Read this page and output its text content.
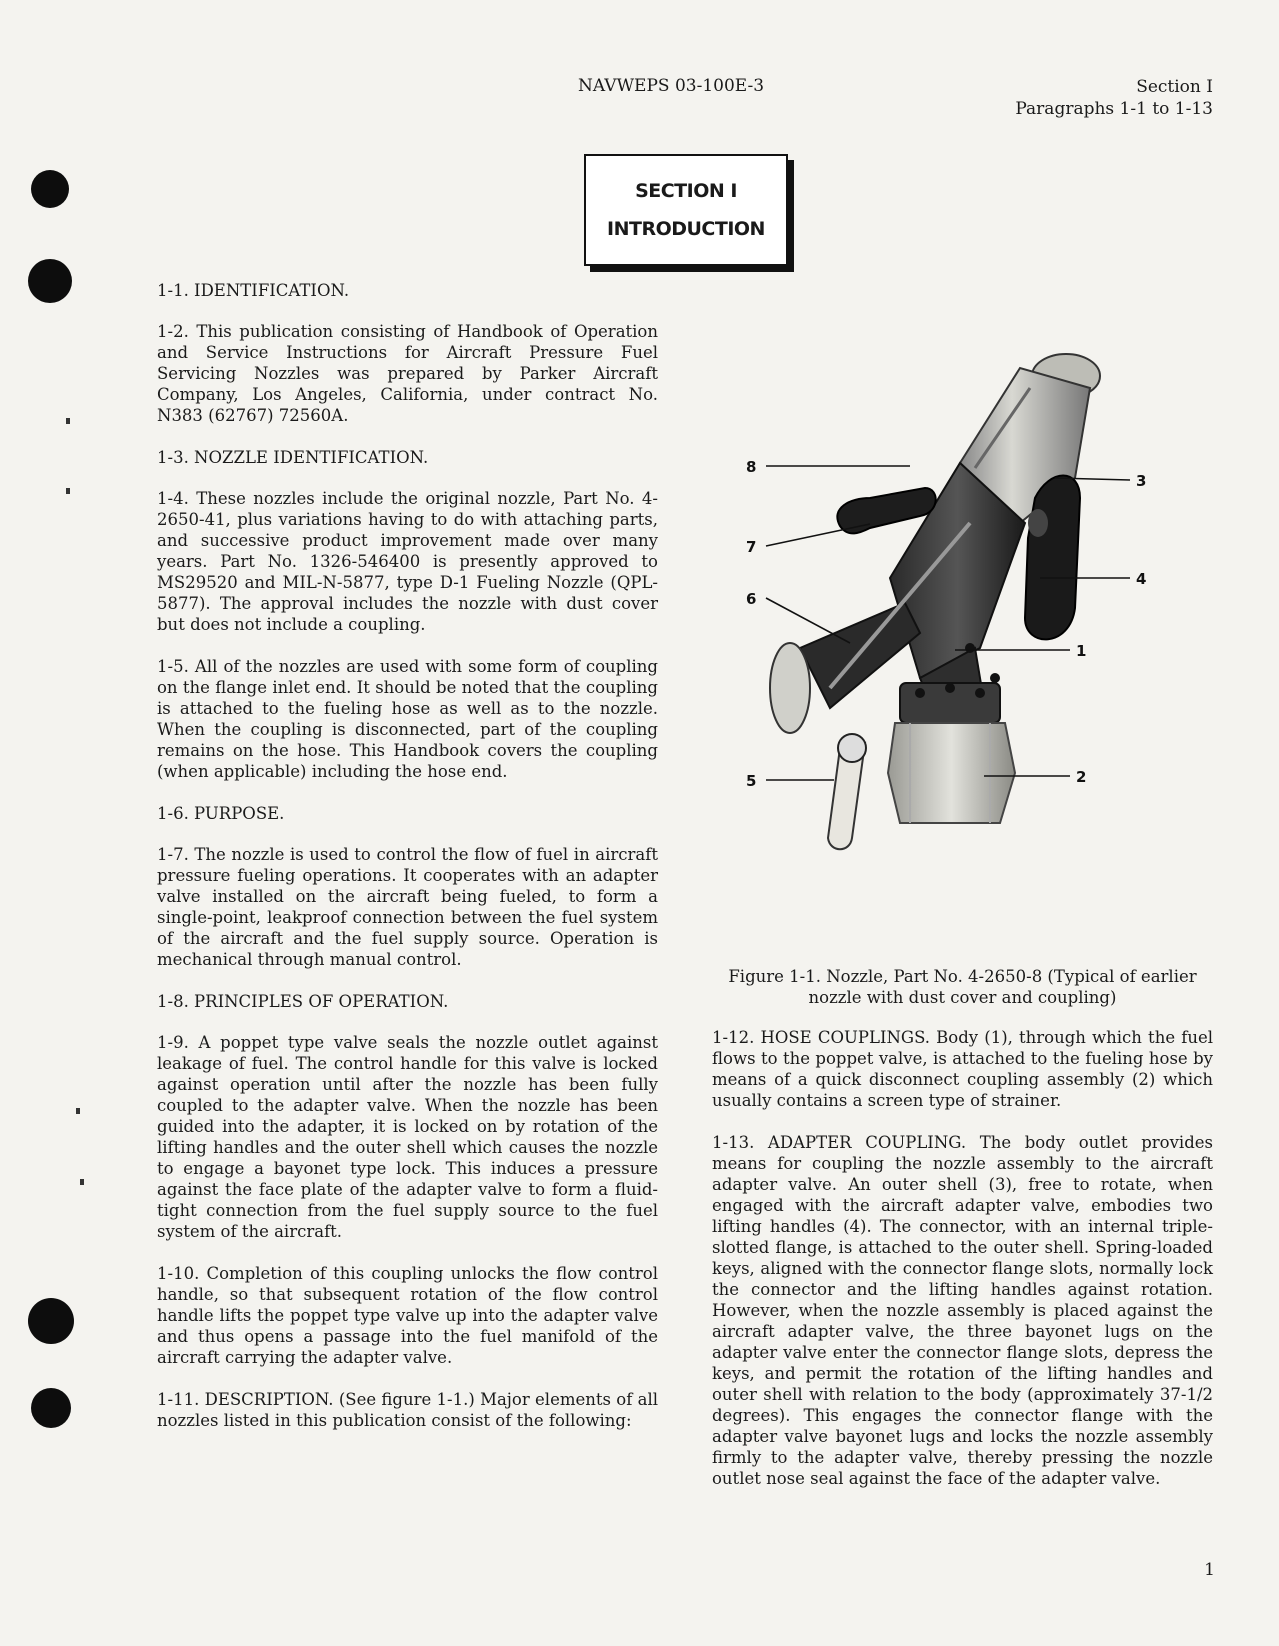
NAVWEPS 03-100E-3	Section I
Paragraphs 1-1 to 1-13
SECTION I
INTRODUCTION

1-1. IDENTIFICATION.

1-2. This publication consisting of Handbook of Operation and Service Instructions for Aircraft Pressure Fuel Servicing Nozzles was prepared by Parker Aircraft Company, Los Angeles, California, under contract No. N383 (62767) 72560A.

1-3. NOZZLE IDENTIFICATION.

1-4. These nozzles include the original nozzle, Part No. 4-2650-41, plus variations having to do with attaching parts, and successive product improvement made over many years. Part No. 1326-546400 is presently approved to MS29520 and MIL-N-5877, type D-1 Fueling Nozzle (QPL-5877). The approval includes the nozzle with dust cover but does not include a coupling.

1-5. All of the nozzles are used with some form of coupling on the flange inlet end. It should be noted that the coupling is attached to the fueling hose as well as to the nozzle. When the coupling is disconnected, part of the coupling remains on the hose. This Handbook covers the coupling (when applicable) including the hose end.

1-6. PURPOSE.

1-7. The nozzle is used to control the flow of fuel in aircraft pressure fueling operations. It cooperates with an adapter valve installed on the aircraft being fueled, to form a single-point, leakproof connection between the fuel system of the aircraft and the fuel supply source. Operation is mechanical through manual control.

1-8. PRINCIPLES OF OPERATION.

1-9. A poppet type valve seals the nozzle outlet against leakage of fuel. The control handle for this valve is locked against operation until after the nozzle has been fully coupled to the adapter valve. When the nozzle has been guided into the adapter, it is locked on by rotation of the lifting handles and the outer shell which causes the nozzle to engage a bayonet type lock. This induces a pressure against the face plate of the adapter valve to form a fluid-tight connection from the fuel supply source to the fuel system of the aircraft.

1-10. Completion of this coupling unlocks the flow control handle, so that subsequent rotation of the flow control handle lifts the poppet type valve up into the adapter valve and thus opens a passage into the fuel manifold of the aircraft carrying the adapter valve.

1-11. DESCRIPTION. (See figure 1-1.) Major elements of all nozzles listed in this publication consist of the following:

8
7
6
1
2
5
3
4
Figure 1-1. Nozzle, Part No. 4-2650-8 (Typical of earlier nozzle with dust cover and coupling)

1-12. HOSE COUPLINGS. Body (1), through which the fuel flows to the poppet valve, is attached to the fueling hose by means of a quick disconnect coupling assembly (2) which usually contains a screen type of strainer.

1-13. ADAPTER COUPLING. The body outlet provides means for coupling the nozzle assembly to the aircraft adapter valve. An outer shell (3), free to rotate, when engaged with the aircraft adapter valve, embodies two lifting handles (4). The connector, with an internal triple-slotted flange, is attached to the outer shell. Spring-loaded keys, aligned with the connector flange slots, normally lock the connector and the lifting handles against rotation. However, when the nozzle assembly is placed against the aircraft adapter valve, the three bayonet lugs on the adapter valve enter the connector flange slots, depress the keys, and permit the rotation of the lifting handles and outer shell with relation to the body (approximately 37-1/2 degrees). This engages the connector flange with the adapter valve bayonet lugs and locks the nozzle assembly firmly to the adapter valve, thereby pressing the nozzle outlet nose seal against the face of the adapter valve.

1
